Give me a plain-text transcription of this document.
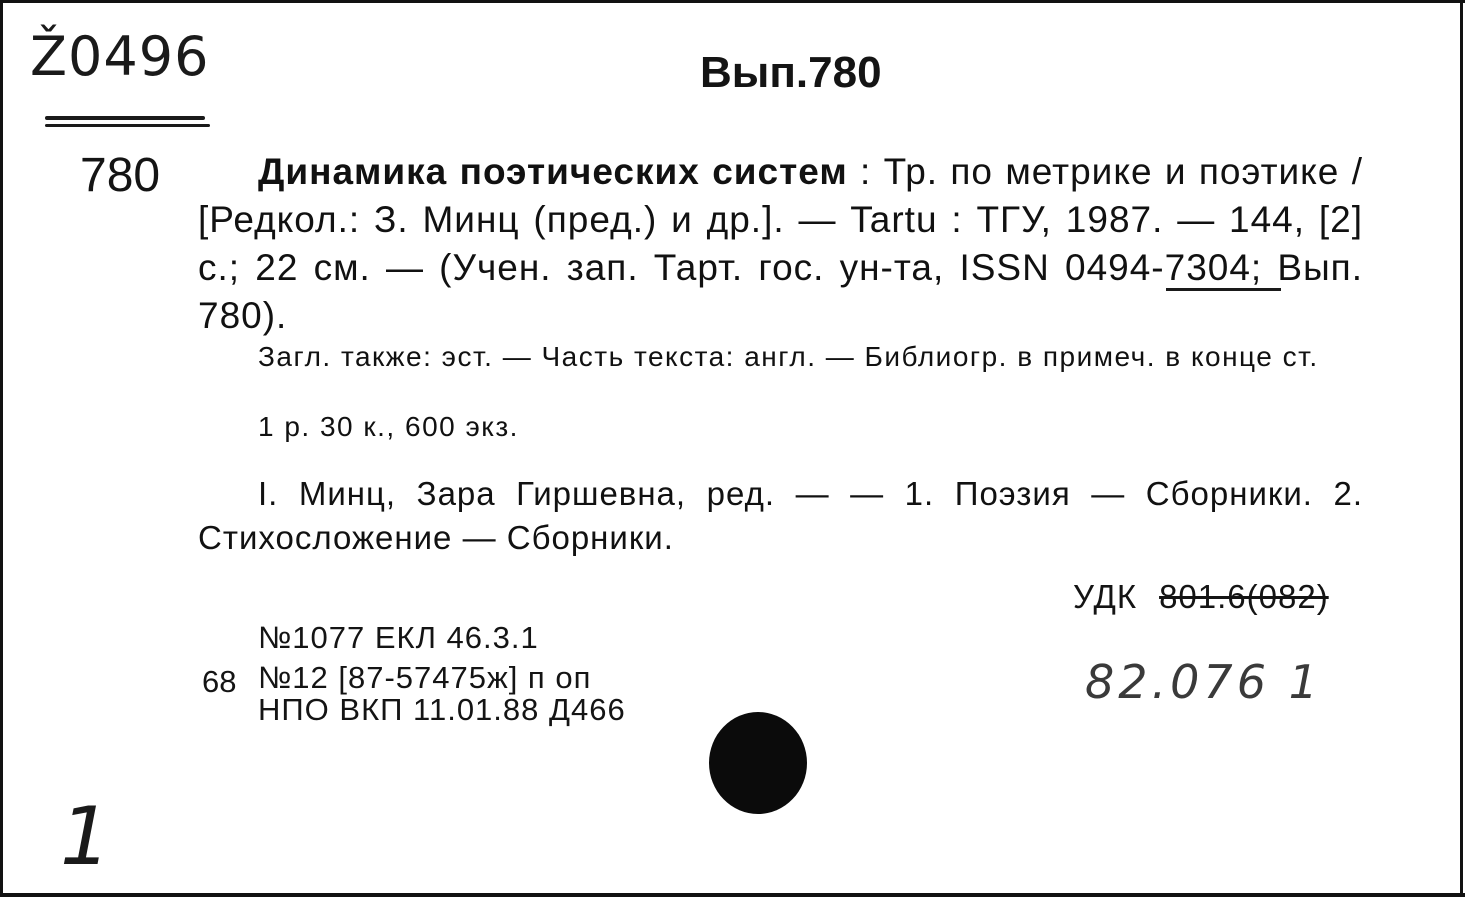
Ž0496	Вып.780
780	Динамика поэтических систем : Тр. по метрике и поэтике / [Редкол.: З. Минц (пред.) и др.]. — Tartu : ТГУ, 1987. — 144, [2] с.; 22 см. — (Учен. зап. Тарт. гос. ун-та, ISSN 0494-7304; Вып. 780).
Загл. также: эст. — Часть текста: англ. — Библиогр. в примеч. в конце ст.
1 р. 30 к., 600 экз.
I. Минц, Зара Гиршевна, ред. — — 1. Поэзия — Сборники. 2. Стихосложение — Сборники.
УДК 801.6(082)
82.076 1
№1077 ЕКЛ 46.3.1
68 №12 [87-57475ж] п оп
НПО ВКП 11.01.88 Д466
1
